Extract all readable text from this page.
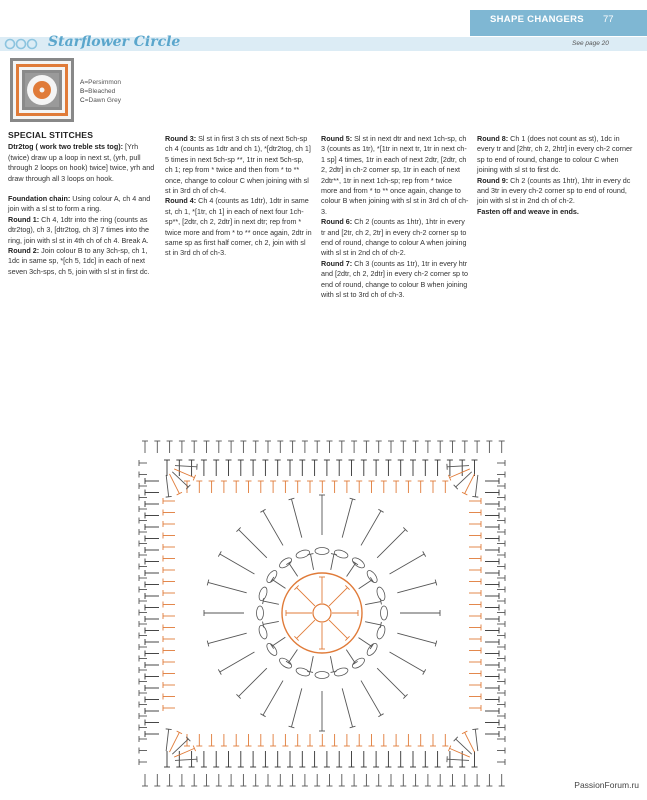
SHAPE CHANGERS 77
Starflower Circle	See page 20
A=Persimmon
B=Bleached
C=Dawn Grey
SPECIAL STITCHES

Dtr2tog ( work two treble sts tog): [Yrh (twice) draw up a loop in next st, (yrh, pull through 2 loops on hook) twice] twice, yrh and draw through all 3 loops on hook.

Foundation chain: Using colour A, ch 4 and join with a sl st to form a ring.

Round 1: Ch 4, 1dtr into the ring (counts as dtr2tog), ch 3, [dtr2tog, ch 3] 7 times into the ring, join with sl st in 4th ch of ch 4. Break A.

Round 2: Join colour B to any 3ch-sp, ch 1, 1dc in same sp, *[ch 5, 1dc] in each of next seven 3ch-sps, ch 5, join with sl st in first dc.

Round 3: Sl st in first 3 ch sts of next 5ch-sp ch 4 (counts as 1dtr and ch 1), *[dtr2tog, ch 1] 5 times in next 5ch-sp **, 1tr in next 5ch-sp, ch 1; rep from * twice and then from * to ** once, change to colour C when joining with sl st in 3rd ch of ch-4.

Round 4: Ch 4 (counts as 1dtr), 1dtr in same st, ch 1, *[1tr, ch 1] in each of next four 1ch-sp**, [2dtr, ch 2, 2dtr] in next dtr; rep from * twice more and from * to ** once again, 2dtr in same sp as first half corner, ch 2, join with sl st in 3rd ch of ch-3.

Round 5: Sl st in next dtr and next 1ch-sp, ch 3 (counts as 1tr), *[1tr in next tr, 1tr in next ch-1 sp] 4 times, 1tr in each of next 2dtr, [2dtr, ch 2, 2dtr] in ch-2 corner sp, 1tr in each of next 2dtr**, 1tr in next 1ch-sp; rep from * twice more and from * to ** once again, change to colour B when joining with sl st in 3rd ch of ch-3.

Round 6: Ch 2 (counts as 1htr), 1htr in every tr and [2tr, ch 2, 2tr] in every ch-2 corner sp to end of round, change to colour A when joining with sl st in 2nd ch of ch-2.

Round 7: Ch 3 (counts as 1tr), 1tr in every htr and [2dtr, ch 2, 2dtr] in every ch-2 corner sp to end of round, change to colour B when joining with sl st to 3rd ch of ch-3.

Round 8: Ch 1 (does not count as st), 1dc in every tr and [2htr, ch 2, 2htr] in every ch-2 corner sp to end of round, change to colour C when joining with sl st to first dc.

Round 9: Ch 2 (counts as 1htr), 1htr in every dc and 3tr in every ch-2 corner sp to end of round, join with sl st in 2nd ch of ch-2.

Fasten off and weave in ends.

PassionForum.ru
